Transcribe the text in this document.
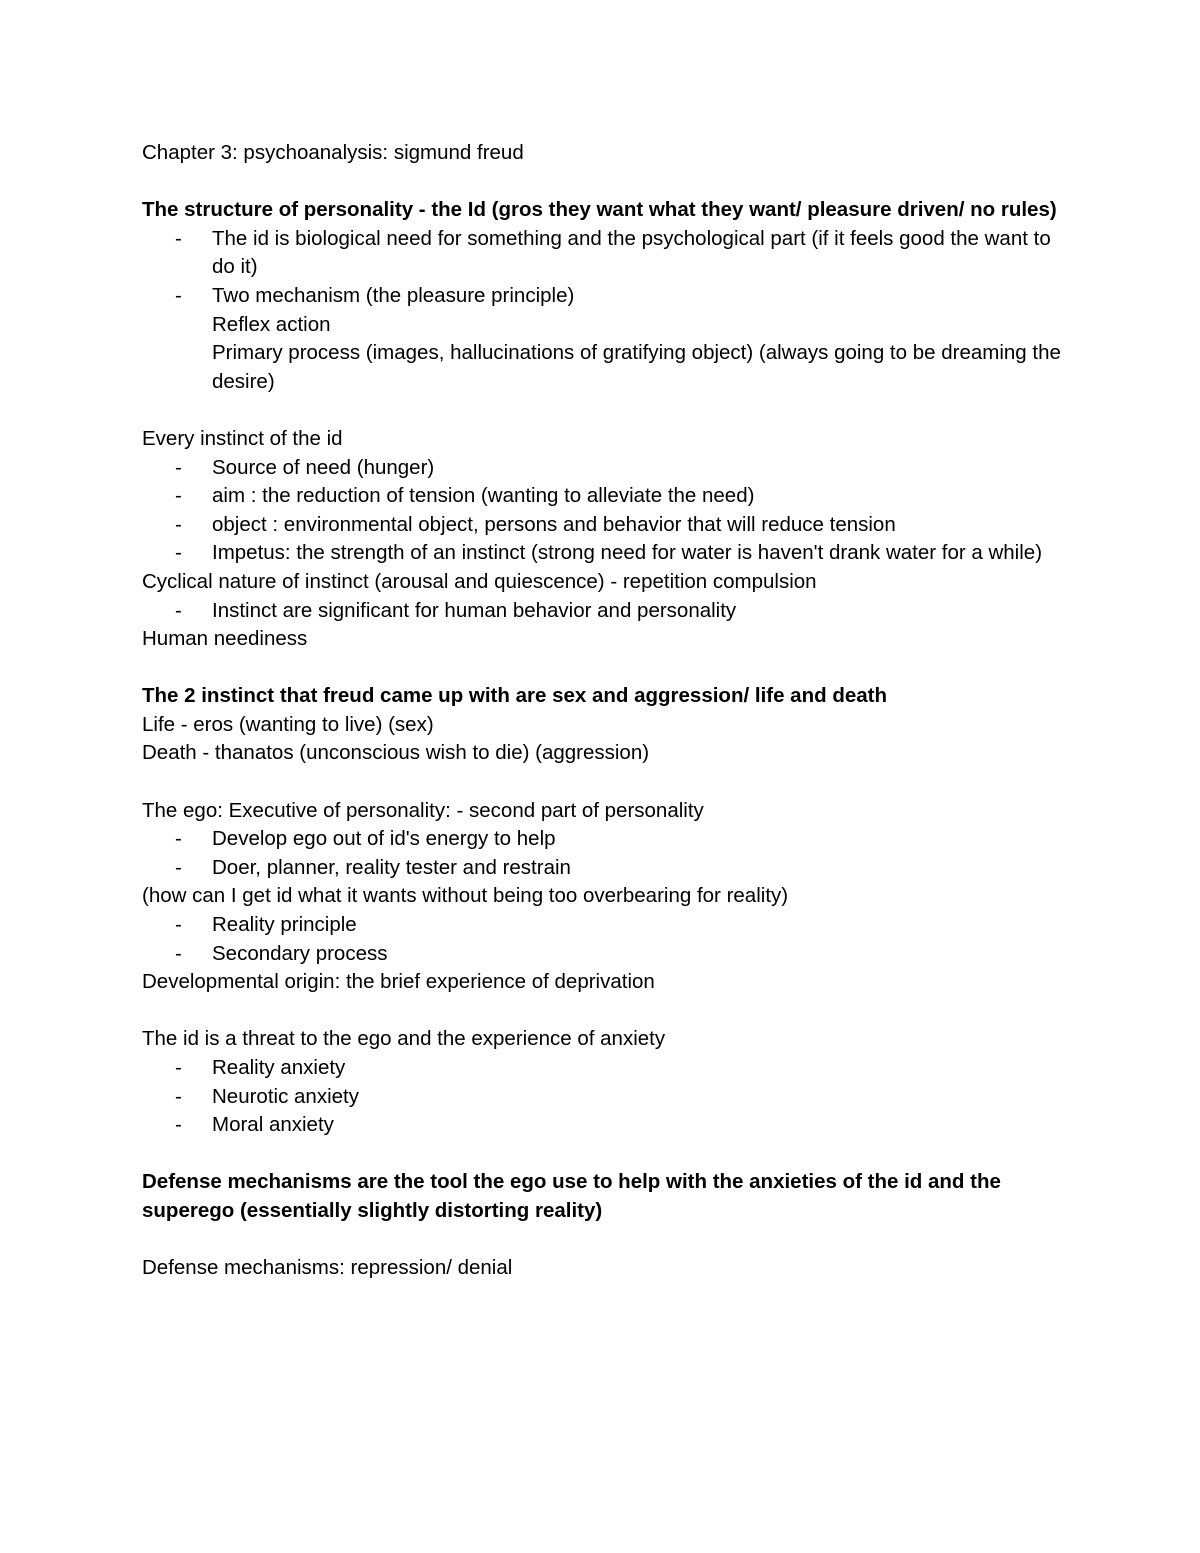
Chapter 3: psychoanalysis: sigmund freud

The structure of personality - the Id (gros they want what they want/ pleasure driven/ no rules)

- The id is biological need for something and the psychological part (if it feels good the want to do it)
- Two mechanism (the pleasure principle)

Reflex action

Primary process (images, hallucinations of gratifying object) (always going to be dreaming the desire)

Every instinct of the id

- Source of need (hunger)
- aim : the reduction of tension (wanting to alleviate the need)
- object : environmental object, persons and behavior that will reduce tension
- Impetus: the strength of an instinct (strong need for water is haven't drank water for a while)

Cyclical nature of instinct (arousal and quiescence) - repetition compulsion

- Instinct are significant for human behavior and personality

Human neediness

The 2 instinct that freud came up with are sex and aggression/ life and death

Life - eros (wanting to live) (sex)

Death - thanatos (unconscious wish to die) (aggression)

The ego: Executive of personality: - second part of personality

- Develop ego out of id's energy to help
- Doer, planner, reality tester and restrain

(how can I get id what it wants without being too overbearing for reality)

- Reality principle
- Secondary process

Developmental origin: the brief experience of deprivation

The id is a threat to the ego and the experience of anxiety

- Reality anxiety
- Neurotic anxiety
- Moral anxiety

Defense mechanisms are the tool the ego use to help with the anxieties of the id and the superego (essentially slightly distorting reality)

Defense mechanisms: repression/ denial
